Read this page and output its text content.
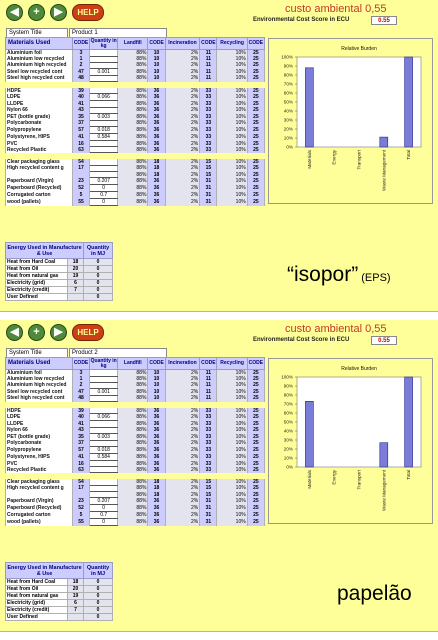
◀	+	▶	HELP	custo ambiental 0,55
Environmental Cost Score in ECU	0.55
System Title	Product 1
Materials Used	CODE	Quantity in kg	Landfill	CODE	Incineration	CODE	Recycling	CODE
Aluminium foil	3		88%	10	2%	11	10%	25
Aluminium low recycled	1		88%	10	2%	11	10%	25
Aluminium high recycled	2		88%	10	2%	11	10%	25
Steel low recycled cont	47	0.001	88%	10	2%	11	10%	25
Steel high recycled cont	48		88%	10	2%	11	10%	25

HDPE	39		88%	36	2%	33	10%	25
LDPE	40	0.066	88%	36	2%	33	10%	25
LLDPE	41		88%	36	2%	33	10%	25
Nylon 66	43		88%	36	2%	33	10%	25
PET (bottle grade)	35	0.003	88%	36	2%	33	10%	25
Polycarbonate	37		88%	36	2%	33	10%	25
Polypropylene	57	0.018	88%	36	2%	33	10%	25
Polystyrene, HIPS	41	0.584	88%	36	2%	33	10%	25
PVC	16		88%	36	2%	33	10%	25
Recycled Plastic	63		88%	36	2%	33	10%	25

Clear packaging glass	54		88%	18	2%	15	10%	25
High recycled content g	17		88%	18	2%	15	10%	25
			88%	18	2%	15	10%	25
Paperboard (Virgin)	23	0.207	88%	36	2%	31	10%	25
Paperboard (Recycled)	52	0	88%	36	2%	31	10%	25
Corrugated carton	5	0.7	88%	36	2%	31	10%	25
wood (pallets)	55	0	88%	36	2%	31	10%	25
Energy Used in Manufacture & Use		Quantity in MJ
Heat from Hard Coal	18	0
Heat from Oil	20	0
Heat from natural gas	19	0
Electricity (grid)	6	0
Electricity (credit)	7	0
User Defined		0
Relative Burden
0%
10%
20%
30%
40%
50%
60%
70%
80%
90%
100%
Materials	Energy	Transport	Waste Management	Total
“isopor” (EPS)
◀	+	▶	HELP	custo ambiental 0,55
Environmental Cost Score in ECU	0.55
System Title	Product 2
Materials Used	CODE	Quantity in kg	Landfill	CODE	Incineration	CODE	Recycling	CODE
Aluminium foil	3		88%	10	2%	11	10%	25
Aluminium low recycled	1		88%	10	2%	11	10%	25
Aluminium high recycled	2		88%	10	2%	11	10%	25
Steel low recycled cont	47	0.001	88%	10	2%	11	10%	25
Steel high recycled cont	48		88%	10	2%	11	10%	25

HDPE	39		88%	36	2%	33	10%	25
LDPE	40	0.066	88%	36	2%	33	10%	25
LLDPE	41		88%	36	2%	33	10%	25
Nylon 66	43		88%	36	2%	33	10%	25
PET (bottle grade)	35	0.003	88%	36	2%	33	10%	25
Polycarbonate	37		88%	36	2%	33	10%	25
Polypropylene	57	0.018	88%	36	2%	33	10%	25
Polystyrene, HIPS	41	0.584	88%	36	2%	33	10%	25
PVC	16		88%	36	2%	33	10%	25
Recycled Plastic	63		88%	36	2%	33	10%	25

Clear packaging glass	54		88%	18	2%	15	10%	25
High recycled content g	17		88%	18	2%	15	10%	25
			88%	18	2%	15	10%	25
Paperboard (Virgin)	23	0.207	88%	36	2%	31	10%	25
Paperboard (Recycled)	52	0	88%	36	2%	31	10%	25
Corrugated carton	5	0.7	88%	36	2%	31	10%	25
wood (pallets)	55	0	88%	36	2%	31	10%	25
Energy Used in Manufacture & Use		Quantity in MJ
Heat from Hard Coal	18	0
Heat from Oil	20	0
Heat from natural gas	19	0
Electricity (grid)	6	0
Electricity (credit)	7	0
User Defined		0
Relative Burden
0%
10%
20%
30%
40%
50%
60%
70%
80%
90%
100%
Materials	Energy	Transport	Waste Management	Total
papelão
